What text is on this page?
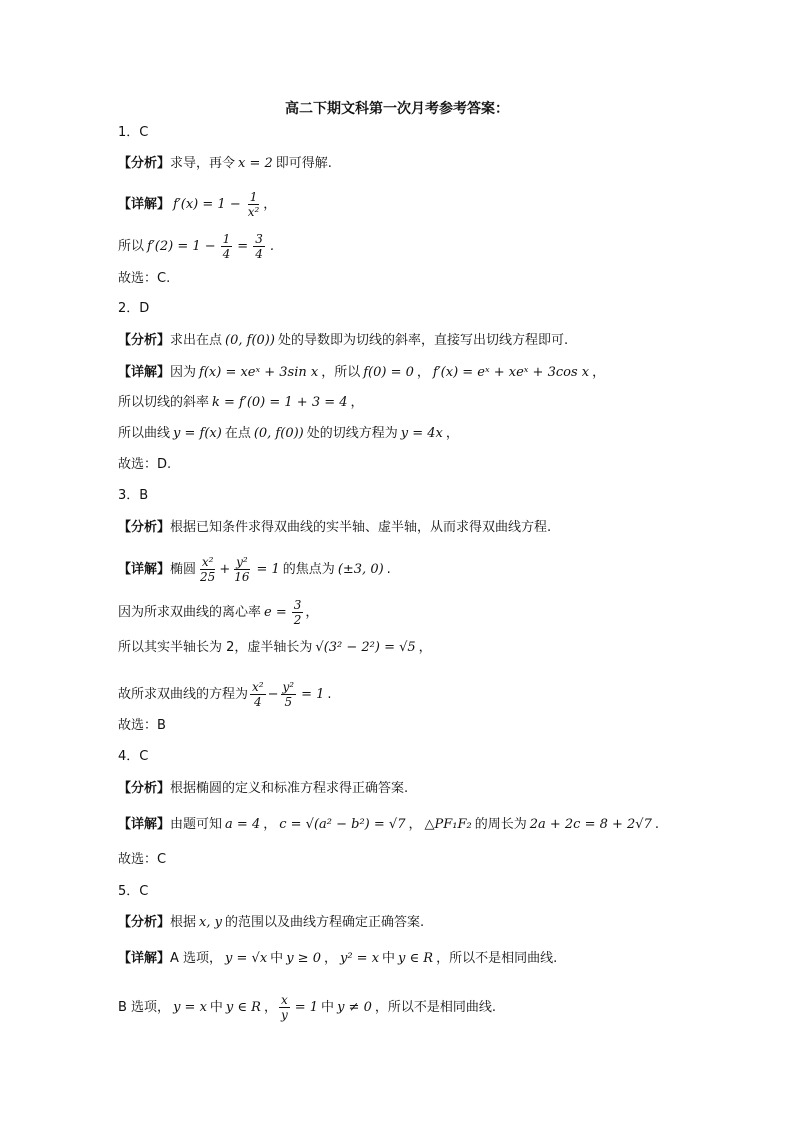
高二下期文科第一次月考参考答案：
1．C
【分析】 求导，再令 x = 2 即可得解.
【详解】 $f'(x) = 1 - \frac{1}{\text{x²}}$ ，
所以 $f'(2) = 1 - \frac{1}{4} = \frac{3}{4}$ .
故选：C.
2．D
【分析】 求出在点 (0, f(0)) 处的导数即为切线的斜率，直接写出切线方程即可.
【详解】 因为 f(x) = xeˣ + 3sin x ，所以 f(0) = 0 ， f′(x) = eˣ + xeˣ + 3cos x ，
所以切线的斜率 k = f′(0) = 1 + 3 = 4 ，
所以曲线 y = f(x) 在点 (0, f(0)) 处的切线方程为 y = 4x ，
故选：D.
3．B
【分析】 根据已知条件求得双曲线的实半轴、虚半轴，从而求得双曲线方程.
【详解】 椭圆 $\frac{\text{x²}}{25} + \frac{\text{y²}}{16} = 1$ 的焦点为 (±3, 0) .
因为所求双曲线的离心率 $e = \frac{3}{2}$ ，
所以其实半轴长为 2，虚半轴长为 √(3² − 2²) = √5 ，
故所求双曲线的方程为 $\frac{\text{x²}}{4} - \frac{\text{y²}}{5} = 1$ .
故选：B
4．C
【分析】 根据椭圆的定义和标准方程求得正确答案.
【详解】 由题可知 a = 4 ， c = √(a² − b²) = √7 ， △PF₁F₂ 的周长为 2a + 2c = 8 + 2√7 .
故选：C
5．C
【分析】 根据 x, y 的范围以及曲线方程确定正确答案.
【详解】 A 选项， y = √x 中 y ≥ 0 ， y² = x 中 y ∈ R ，所以不是相同曲线.
B 选项， y = x 中 y ∈ R ， $\frac{x}{y} = 1$ 中 y ≠ 0 ，所以不是相同曲线.
